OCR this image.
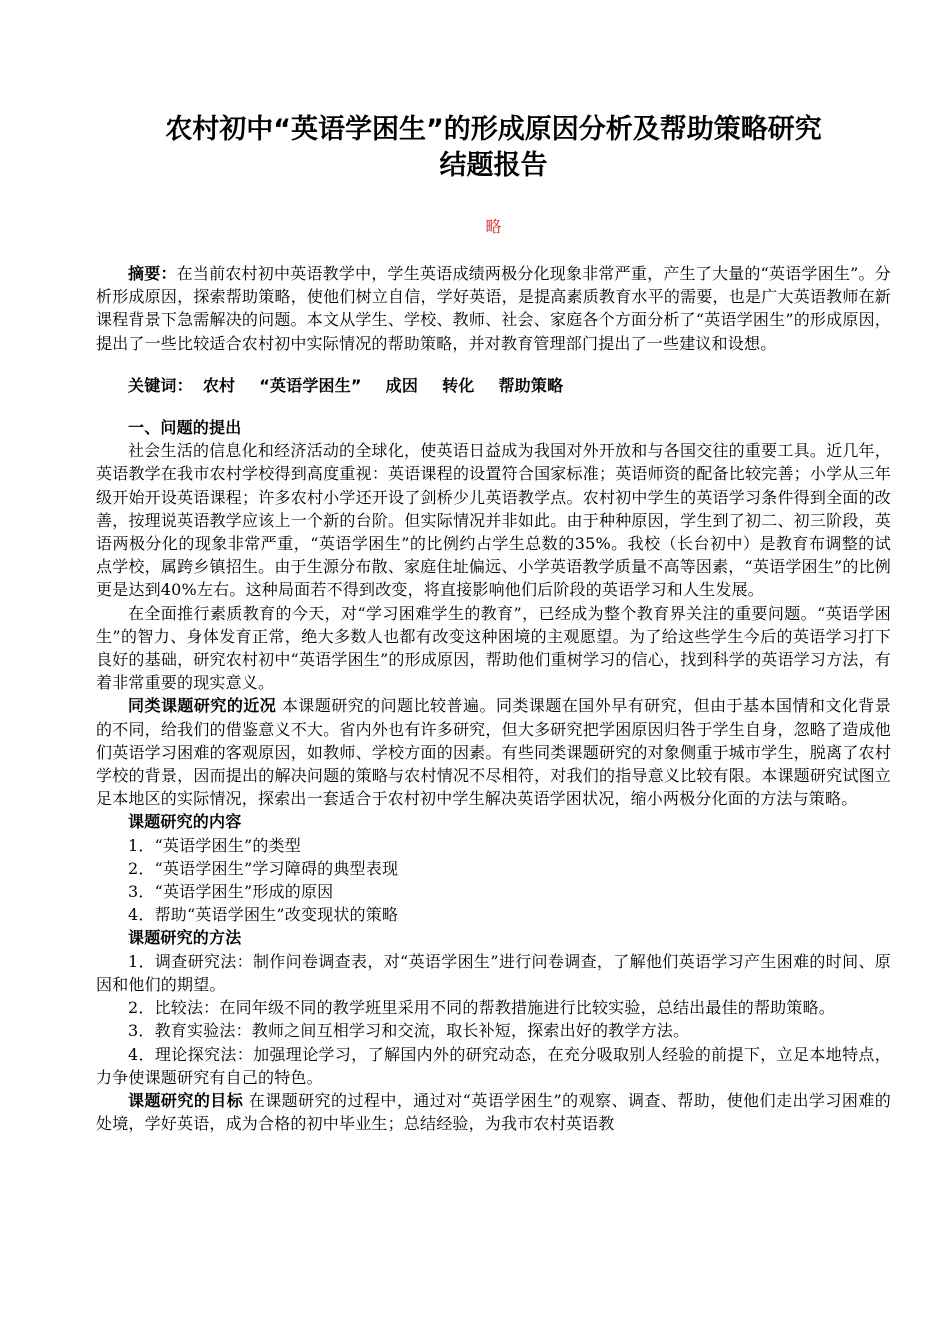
农村初中“英语学困生”的形成原因分析及帮助策略研究
结题报告

略

摘要：在当前农村初中英语教学中，学生英语成绩两极分化现象非常严重，产生了大量的“英语学困生”。分析形成原因，探索帮助策略，使他们树立自信，学好英语，是提高素质教育水平的需要，也是广大英语教师在新课程背景下急需解决的问题。本文从学生、学校、教师、社会、家庭各个方面分析了“英语学困生”的形成原因，提出了一些比较适合农村初中实际情况的帮助策略，并对教育管理部门提出了一些建议和设想。

关键词： 农村 “英语学困生” 成因 转化 帮助策略

一、问题的提出

社会生活的信息化和经济活动的全球化，使英语日益成为我国对外开放和与各国交往的重要工具。近几年，英语教学在我市农村学校得到高度重视：英语课程的设置符合国家标准；英语师资的配备比较完善；小学从三年级开始开设英语课程；许多农村小学还开设了剑桥少儿英语教学点。农村初中学生的英语学习条件得到全面的改善，按理说英语教学应该上一个新的台阶。但实际情况并非如此。由于种种原因，学生到了初二、初三阶段，英语两极分化的现象非常严重，“英语学困生”的比例约占学生总数的35%。我校（长台初中）是教育布调整的试点学校，属跨乡镇招生。由于生源分布散、家庭住址偏远、小学英语教学质量不高等因素，“英语学困生”的比例更是达到40%左右。这种局面若不得到改变，将直接影响他们后阶段的英语学习和人生发展。

在全面推行素质教育的今天，对“学习困难学生的教育”，已经成为整个教育界关注的重要问题。“英语学困生”的智力、身体发育正常，绝大多数人也都有改变这种困境的主观愿望。为了给这些学生今后的英语学习打下良好的基础，研究农村初中“英语学困生”的形成原因，帮助他们重树学习的信心，找到科学的英语学习方法，有着非常重要的现实意义。

同类课题研究的近况 本课题研究的问题比较普遍。同类课题在国外早有研究，但由于基本国情和文化背景的不同，给我们的借鉴意义不大。省内外也有许多研究，但大多研究把学困原因归咎于学生自身，忽略了造成他们英语学习困难的客观原因，如教师、学校方面的因素。有些同类课题研究的对象侧重于城市学生，脱离了农村学校的背景，因而提出的解决问题的策略与农村情况不尽相符，对我们的指导意义比较有限。本课题研究试图立足本地区的实际情况，探索出一套适合于农村初中学生解决英语学困状况，缩小两极分化面的方法与策略。

课题研究的内容

1．“英语学困生”的类型

2．“英语学困生”学习障碍的典型表现

3．“英语学困生”形成的原因

4．帮助“英语学困生”改变现状的策略

课题研究的方法

1．调查研究法：制作问卷调查表，对“英语学困生”进行问卷调查，了解他们英语学习产生困难的时间、原因和他们的期望。

2．比较法：在同年级不同的教学班里采用不同的帮教措施进行比较实验，总结出最佳的帮助策略。

3．教育实验法：教师之间互相学习和交流，取长补短，探索出好的教学方法。

4．理论探究法：加强理论学习，了解国内外的研究动态，在充分吸取别人经验的前提下，立足本地特点，力争使课题研究有自己的特色。

课题研究的目标 在课题研究的过程中，通过对“英语学困生”的观察、调查、帮助，使他们走出学习困难的处境，学好英语，成为合格的初中毕业生；总结经验，为我市农村英语教
